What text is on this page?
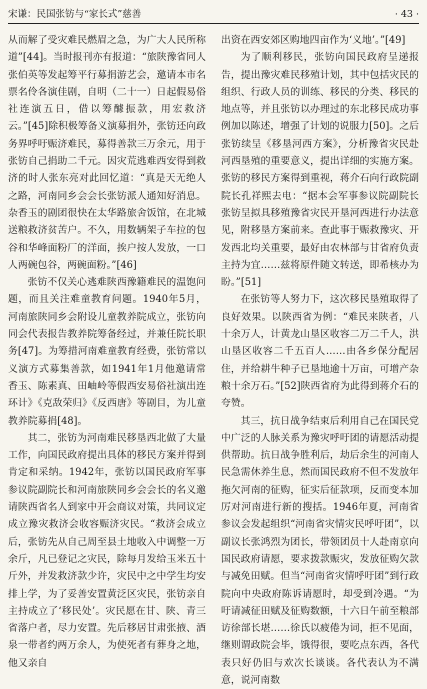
宋谦：民国张钫与“家长式”慈善	· 43 ·

从而解了受灾难民燃眉之急，为广大人民所称道”[44]。当时报刊亦有报道：“旅陕豫省同人张伯英等发起筹平行募捐游艺会，邀请本市名票名伶各演佳剧，自明（二十一）日起假易俗社连演五日，借以筹醵振款，用宏救济云。”[45]除积极筹备义演募捐外，张钫还向政务界呼吁赈济难民，募得善款三万余元，用于张钫自己捐助二千元。因灾荒逃难西安得到救济的时人张东亮对此回忆道：“真是天无绝人之路，河南同乡会会长张钫派人通知好消息。杂香玉的剧团很快在太华路旅舍饭馆，在北城送粮救济贫苦户。不久，用数辆架子车拉的包谷和华峰面粉厂的洋面，挨户按人发放，一口人两碗包谷，两碗面粉。”[46]

张钫不仅关心逃难陕西豫籍难民的温饱问题，而且关注难童教育问题。1940年5月，河南旅陕同乡会附设儿童教养院成立，张钫向同会代表报告教养院筹备经过，并兼任院长职务[47]。为筹措河南难童教育经费，张钫常以义演方式募集善款，如1941年1月他邀请常香玉、陈素真、田岫岭等假西安易俗社演出连环计》《克敌荣归》《反西唐》等剧目，为儿童教养院募捐[48]。

其二，张钫为河南难民移垦西北做了大量工作，向国民政府提出具体的移民方案并得到肯定和采纳。1942年，张钫以国民政府军事参议院副院长和河南旅陕同乡会会长的名义邀请陕西省名人到家中开会商议对策，共同议定成立豫灾救济会收容赈济灾民。“救济会成立后，张钫先从自己周至县土地收入中调整一万余斤，凡已登记之灾民，除每月发给玉米五十斤外，并发救济款少许，灾民中之中学生均安排上学，为了妥善安置黄泛区灾民，张钫亲自主持成立了‘移民处’。灾民愿在甘、陕、青三省落户者，尽力安置。先后移居甘肃张掖、酒泉一带者约两万余人，为使死者有葬身之地，他又亲自

出资在西安郊区购地四亩作为‘义地’。”[49]

为了顺利移民，张钫向国民政府呈递报告，提出豫灾难民移殖计划，其中包括灾民的组织、行政人员的训练、移民的分类、移民的地点等，并且张钫以办理过的东北移民成功事例加以陈述，增强了计划的说服力[50]。之后张钫续呈《移垦河西方案》，分析豫省灾民赴河西垦殖的重要意义，提出详细的实施方案。张钫的移民方案得到重视，蒋介石向行政院副院长孔祥熙去电：“据本会军事参议院副院长张钫呈拟具移殖豫省灾民开垦河西进行办法意见，附移垦方案前来。查此事于赈救豫灾、开发西北均关重要，最好由农林部与甘省府负责主持为宜……兹将原件随文转送，即希核办为盼。”[51]

在张钫等人努力下，这次移民垦殖取得了良好效果。以陕西省为例：“难民来陕者，八十余万人，计黄龙山垦区收容二万二千人，洪山垦区收容二千五百人……由各乡保分配居住，并给耕牛种子已垦地逾十万亩，可增产杂粮十余万石。”[52]陕西省府为此得到蒋介石的夸赞。

其三，抗日战争结束后利用自己在国民党中广泛的人脉关系为豫灾呼吁团的请愿活动提供帮助。抗日战争胜利后，劫后余生的河南人民急需休养生息，然而国民政府不但不发放年拖欠河南的征购，征实后征款项，反而变本加厉对河南进行新的搜括。1946年夏，河南省参议会发起组织“河南省灾情灾民呼吁团”，以副议长张鸿烈为团长，带领团员十人赴南京向国民政府请愿，要求拨款赈灾，发放征购欠款与减免田赋。但当“河南省灾情呼吁团”到行政院向中央政府陈诉请愿时，却受到冷遇。“为吁请减征田赋及征购数额，十六日午前至粮部访徐部长堪……徐氏以疲倦为词，拒不见面，继则谓政院会毕，饿得很，要吃点东西，各代表只好仍旧与欢次长谈谈。各代表认为不满意，说河南数
